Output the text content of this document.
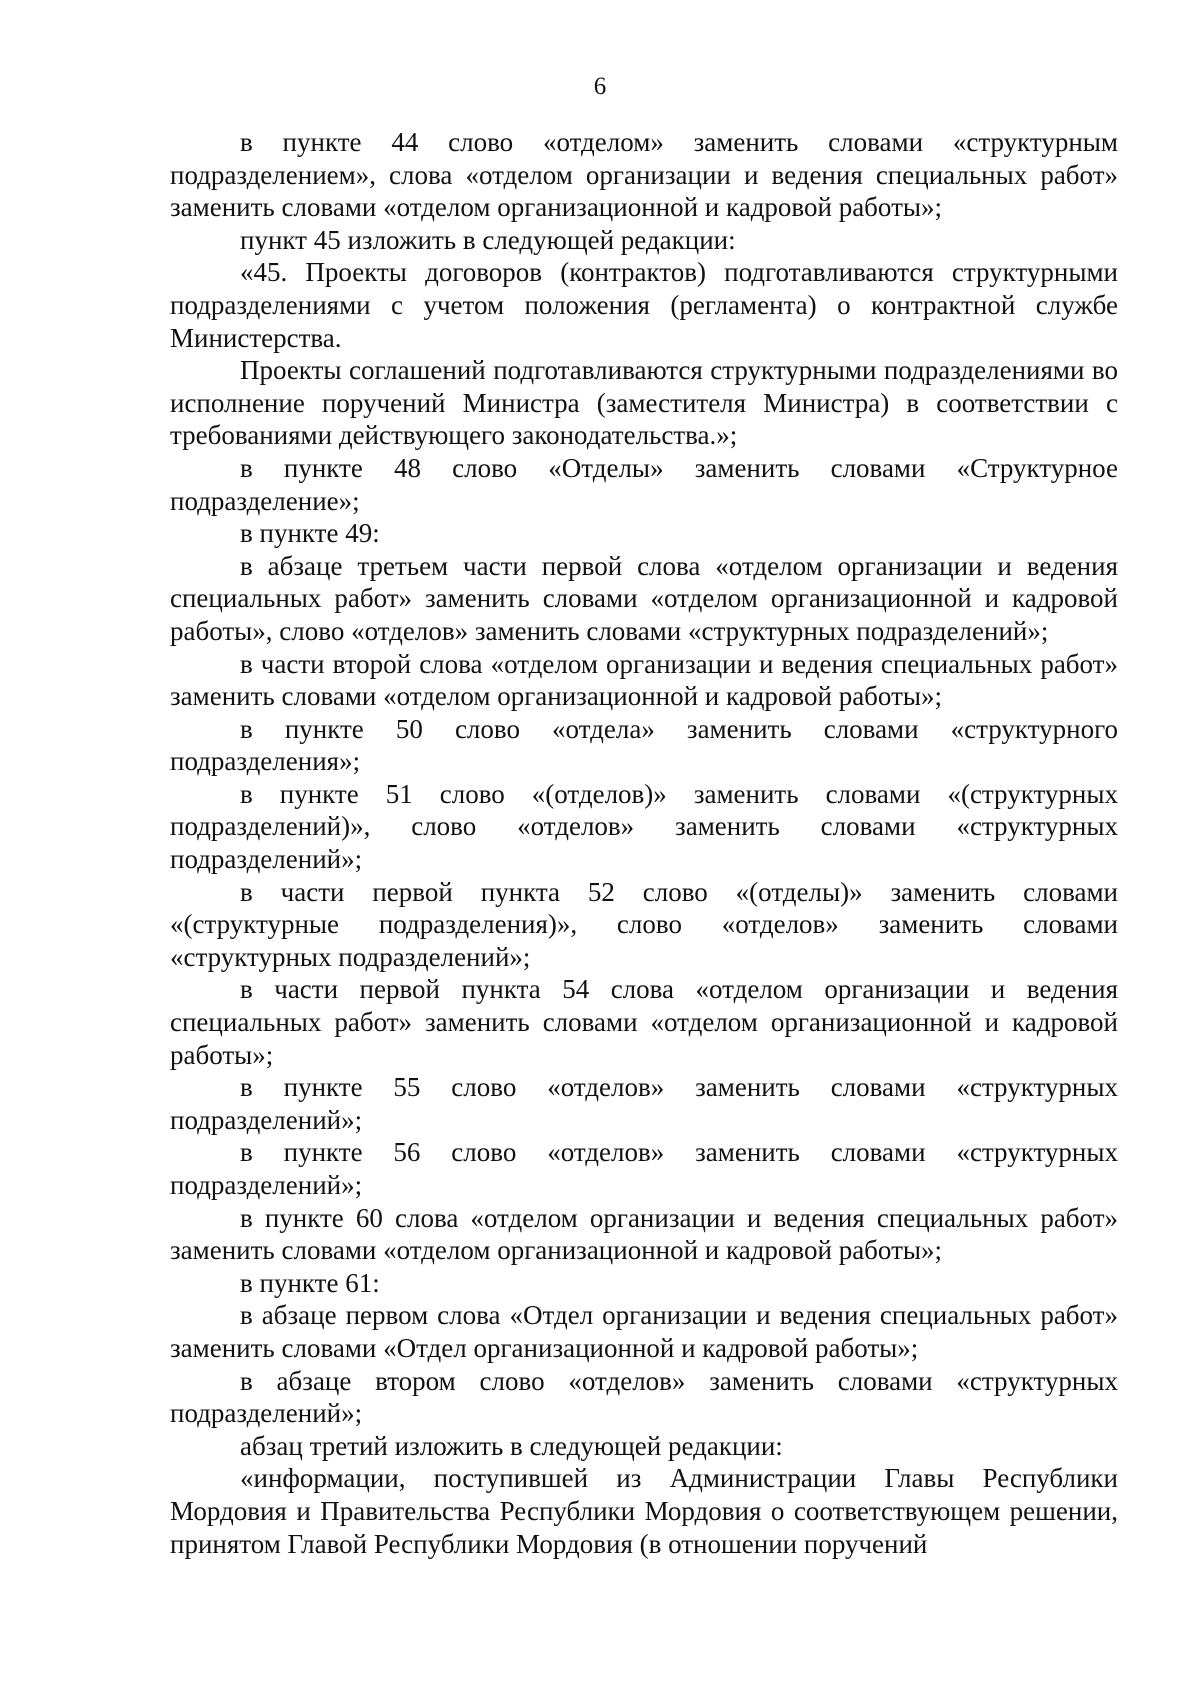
6

в пункте 44 слово «отделом» заменить словами «структурным подразделением», слова «отделом организации и ведения специальных работ» заменить словами «отделом организационной и кадровой работы»;

пункт 45 изложить в следующей редакции:

«45. Проекты договоров (контрактов) подготавливаются структурными подразделениями с учетом положения (регламента) о контрактной службе Министерства.

Проекты соглашений подготавливаются структурными подразделениями во исполнение поручений Министра (заместителя Министра) в соответствии с требованиями действующего законодательства.»;

в пункте 48 слово «Отделы» заменить словами «Структурное подразделение»;

в пункте 49:

в абзаце третьем части первой слова «отделом организации и ведения специальных работ» заменить словами «отделом организационной и кадровой работы», слово «отделов» заменить словами «структурных подразделений»;

в части второй слова «отделом организации и ведения специальных работ» заменить словами «отделом организационной и кадровой работы»;

в пункте 50 слово «отдела» заменить словами «структурного подразделения»;

в пункте 51 слово «(отделов)» заменить словами «(структурных подразделений)», слово «отделов» заменить словами «структурных подразделений»;

в части первой пункта 52 слово «(отделы)» заменить словами «(структурные подразделения)», слово «отделов» заменить словами «структурных подразделений»;

в части первой пункта 54 слова «отделом организации и ведения специальных работ» заменить словами «отделом организационной и кадровой работы»;

в пункте 55 слово «отделов» заменить словами «структурных подразделений»;

в пункте 56 слово «отделов» заменить словами «структурных подразделений»;

в пункте 60 слова «отделом организации и ведения специальных работ» заменить словами «отделом организационной и кадровой работы»;

в пункте 61:

в абзаце первом слова «Отдел организации и ведения специальных работ» заменить словами «Отдел организационной и кадровой работы»;

в абзаце втором слово «отделов» заменить словами «структурных подразделений»;

абзац третий изложить в следующей редакции:

«информации, поступившей из Администрации Главы Республики Мордовия и Правительства Республики Мордовия о соответствующем решении, принятом Главой Республики Мордовия (в отношении поручений
